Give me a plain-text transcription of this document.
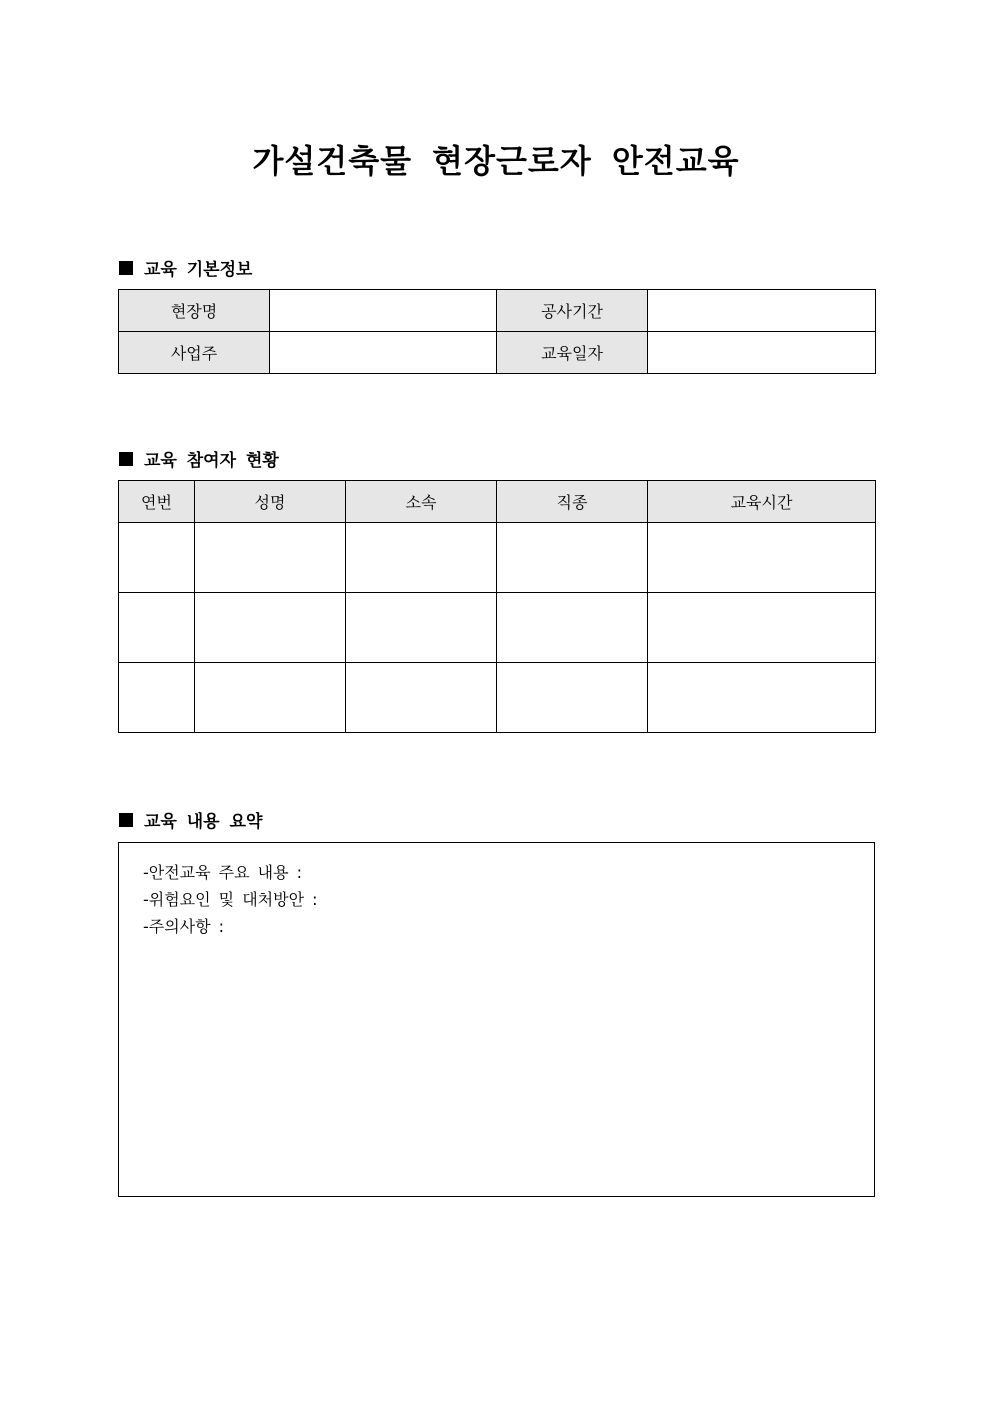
가설건축물 현장근로자 안전교육
교육 기본정보
현장명		공사기간	
사업주		교육일자	
교육 참여자 현황
연번	성명	소속	직종	교육시간

교육 내용 요약
-안전교육 주요 내용 :
-위험요인 및 대처방안 :
-주의사항 :
